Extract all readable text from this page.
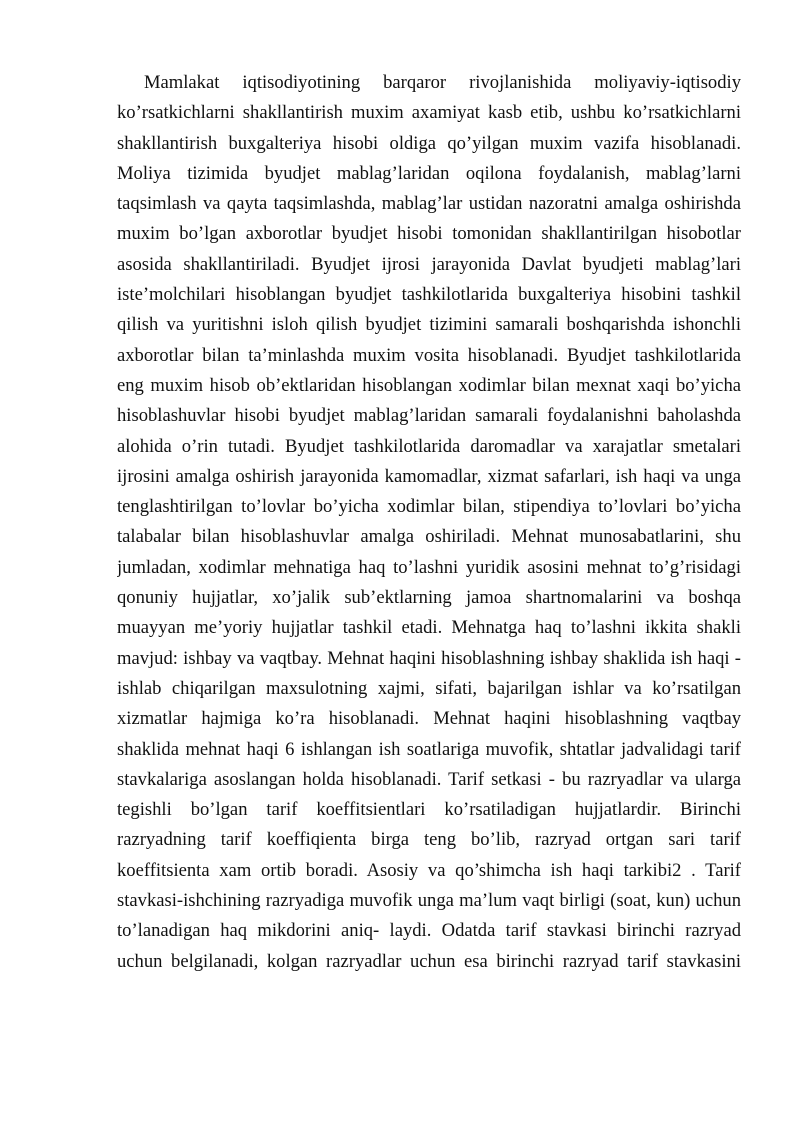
Mamlakat iqtisodiyotining barqaror rivojlanishida moliyaviy-iqtisodiy
ko’rsatkichlarni shakllantirish muxim axamiyat kasb etib, ushbu ko’rsatkichlarni
shakllantirish buxgalteriya hisobi oldiga qo’yilgan muxim vazifa hisoblanadi.
Moliya tizimida byudjet mablag’laridan oqilona foydalanish, mablag’larni
taqsimlash va qayta taqsimlashda, mablag’lar ustidan nazoratni amalga oshirishda
muxim bo’lgan axborotlar byudjet hisobi tomonidan shakllantirilgan hisobotlar
asosida shakllantiriladi. Byudjet ijrosi jarayonida Davlat byudjeti mablag’lari
iste’molchilari hisoblangan byudjet tashkilotlarida buxgalteriya hisobini tashkil
qilish va yuritishni isloh qilish byudjet tizimini samarali boshqarishda ishonchli
axborotlar bilan ta’minlashda muxim vosita hisoblanadi. Byudjet tashkilotlarida
eng muxim hisob ob’ektlaridan hisoblangan xodimlar bilan mexnat xaqi bo’yicha
hisoblashuvlar hisobi byudjet mablag’laridan samarali foydalanishni baholashda
alohida o’rin tutadi. Byudjet tashkilotlarida daromadlar va xarajatlar smetalari
ijrosini amalga oshirish jarayonida kamomadlar, xizmat safarlari, ish haqi va unga
tenglashtirilgan to’lovlar bo’yicha xodimlar bilan, stipendiya to’lovlari bo’yicha
talabalar bilan hisoblashuvlar amalga oshiriladi. Mehnat munosabatlarini, shu
jumladan, xodimlar mehnatiga haq to’lashni yuridik asosini mehnat to’g’risidagi
qonuniy hujjatlar, xo’jalik sub’ektlarning jamoa shartnomalarini va boshqa
muayyan me’yoriy hujjatlar tashkil etadi. Mehnatga haq to’lashni ikkita shakli
mavjud: ishbay va vaqtbay. Mehnat haqini hisoblashning ishbay shaklida ish haqi -
ishlab chiqarilgan maxsulotning xajmi, sifati, bajarilgan ishlar va ko’rsatilgan
xizmatlar hajmiga ko’ra hisoblanadi. Mehnat haqini hisoblashning vaqtbay
shaklida mehnat haqi 6 ishlangan ish soatlariga muvofik, shtatlar jadvalidagi tarif
stavkalariga asoslangan holda hisoblanadi. Tarif setkasi - bu razryadlar va ularga
tegishli bo’lgan tarif koeffitsientlari ko’rsatiladigan hujjatlardir. Birinchi
razryadning tarif koeffiqienta birga teng bo’lib, razryad ortgan sari tarif
koeffitsienta xam ortib boradi. Asosiy va qo’shimcha ish haqi tarkibi2 . Tarif
stavkasi-ishchining razryadiga muvofik unga ma’lum vaqt birligi (soat, kun) uchun
to’lanadigan haq mikdorini aniq- laydi. Odatda tarif stavkasi birinchi razryad
uchun belgilanadi, kolgan razryadlar uchun esa birinchi razryad tarif stavkasini
